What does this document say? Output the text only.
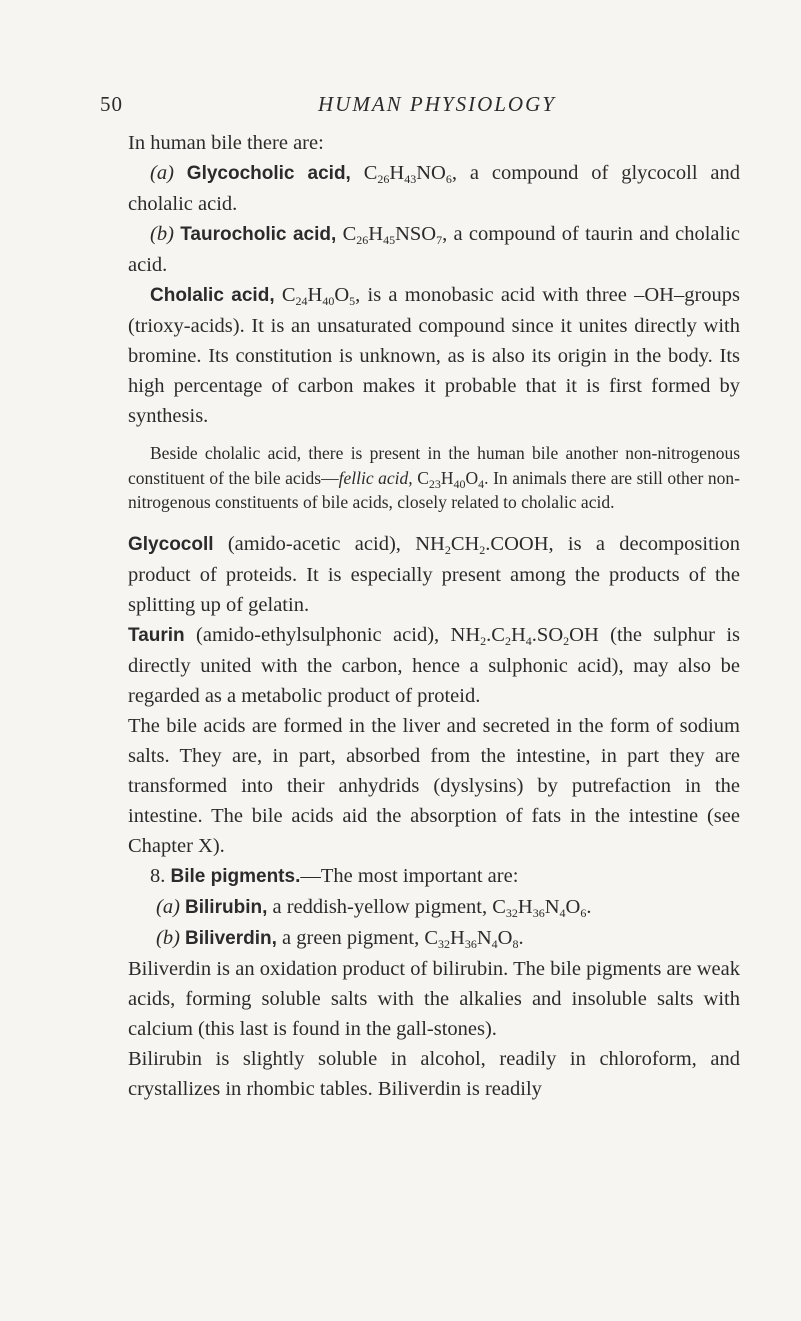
50	HUMAN PHYSIOLOGY

In human bile there are:

(a) Glycocholic acid, $C_{26}H_{43}NO_6$, a compound of glycocoll and cholalic acid.

(b) Taurocholic acid, $C_{26}H_{45}NSO_7$, a compound of taurin and cholalic acid.

Cholalic acid, $C_{24}H_{40}O_5$, is a monobasic acid with three –OH–groups (trioxy-acids). It is an unsaturated compound since it unites directly with bromine. Its constitution is unknown, as is also its origin in the body. Its high percentage of carbon makes it probable that it is first formed by synthesis.

Beside cholalic acid, there is present in the human bile another non-nitrogenous constituent of the bile acids—fellic acid, $C_{23}H_{40}O_4$. In animals there are still other non-nitrogenous constituents of bile acids, closely related to cholalic acid.

Glycocoll (amido-acetic acid), $NH_2CH_2.COOH$, is a decomposition product of proteids. It is especially present among the products of the splitting up of gelatin.

Taurin (amido-ethylsulphonic acid), $NH_2.C_2H_4.SO_2OH$ (the sulphur is directly united with the carbon, hence a sulphonic acid), may also be regarded as a metabolic product of proteid.

The bile acids are formed in the liver and secreted in the form of sodium salts. They are, in part, absorbed from the intestine, in part they are transformed into their anhydrids (dyslysins) by putrefaction in the intestine. The bile acids aid the absorption of fats in the intestine (see Chapter X).

8. Bile pigments.—The most important are:

(a) Bilirubin, a reddish-yellow pigment, $C_{32}H_{36}N_4O_6$.

(b) Biliverdin, a green pigment, $C_{32}H_{36}N_4O_8$.

Biliverdin is an oxidation product of bilirubin. The bile pigments are weak acids, forming soluble salts with the alkalies and insoluble salts with calcium (this last is found in the gall-stones).

Bilirubin is slightly soluble in alcohol, readily in chloroform, and crystallizes in rhombic tables. Biliverdin is readily
